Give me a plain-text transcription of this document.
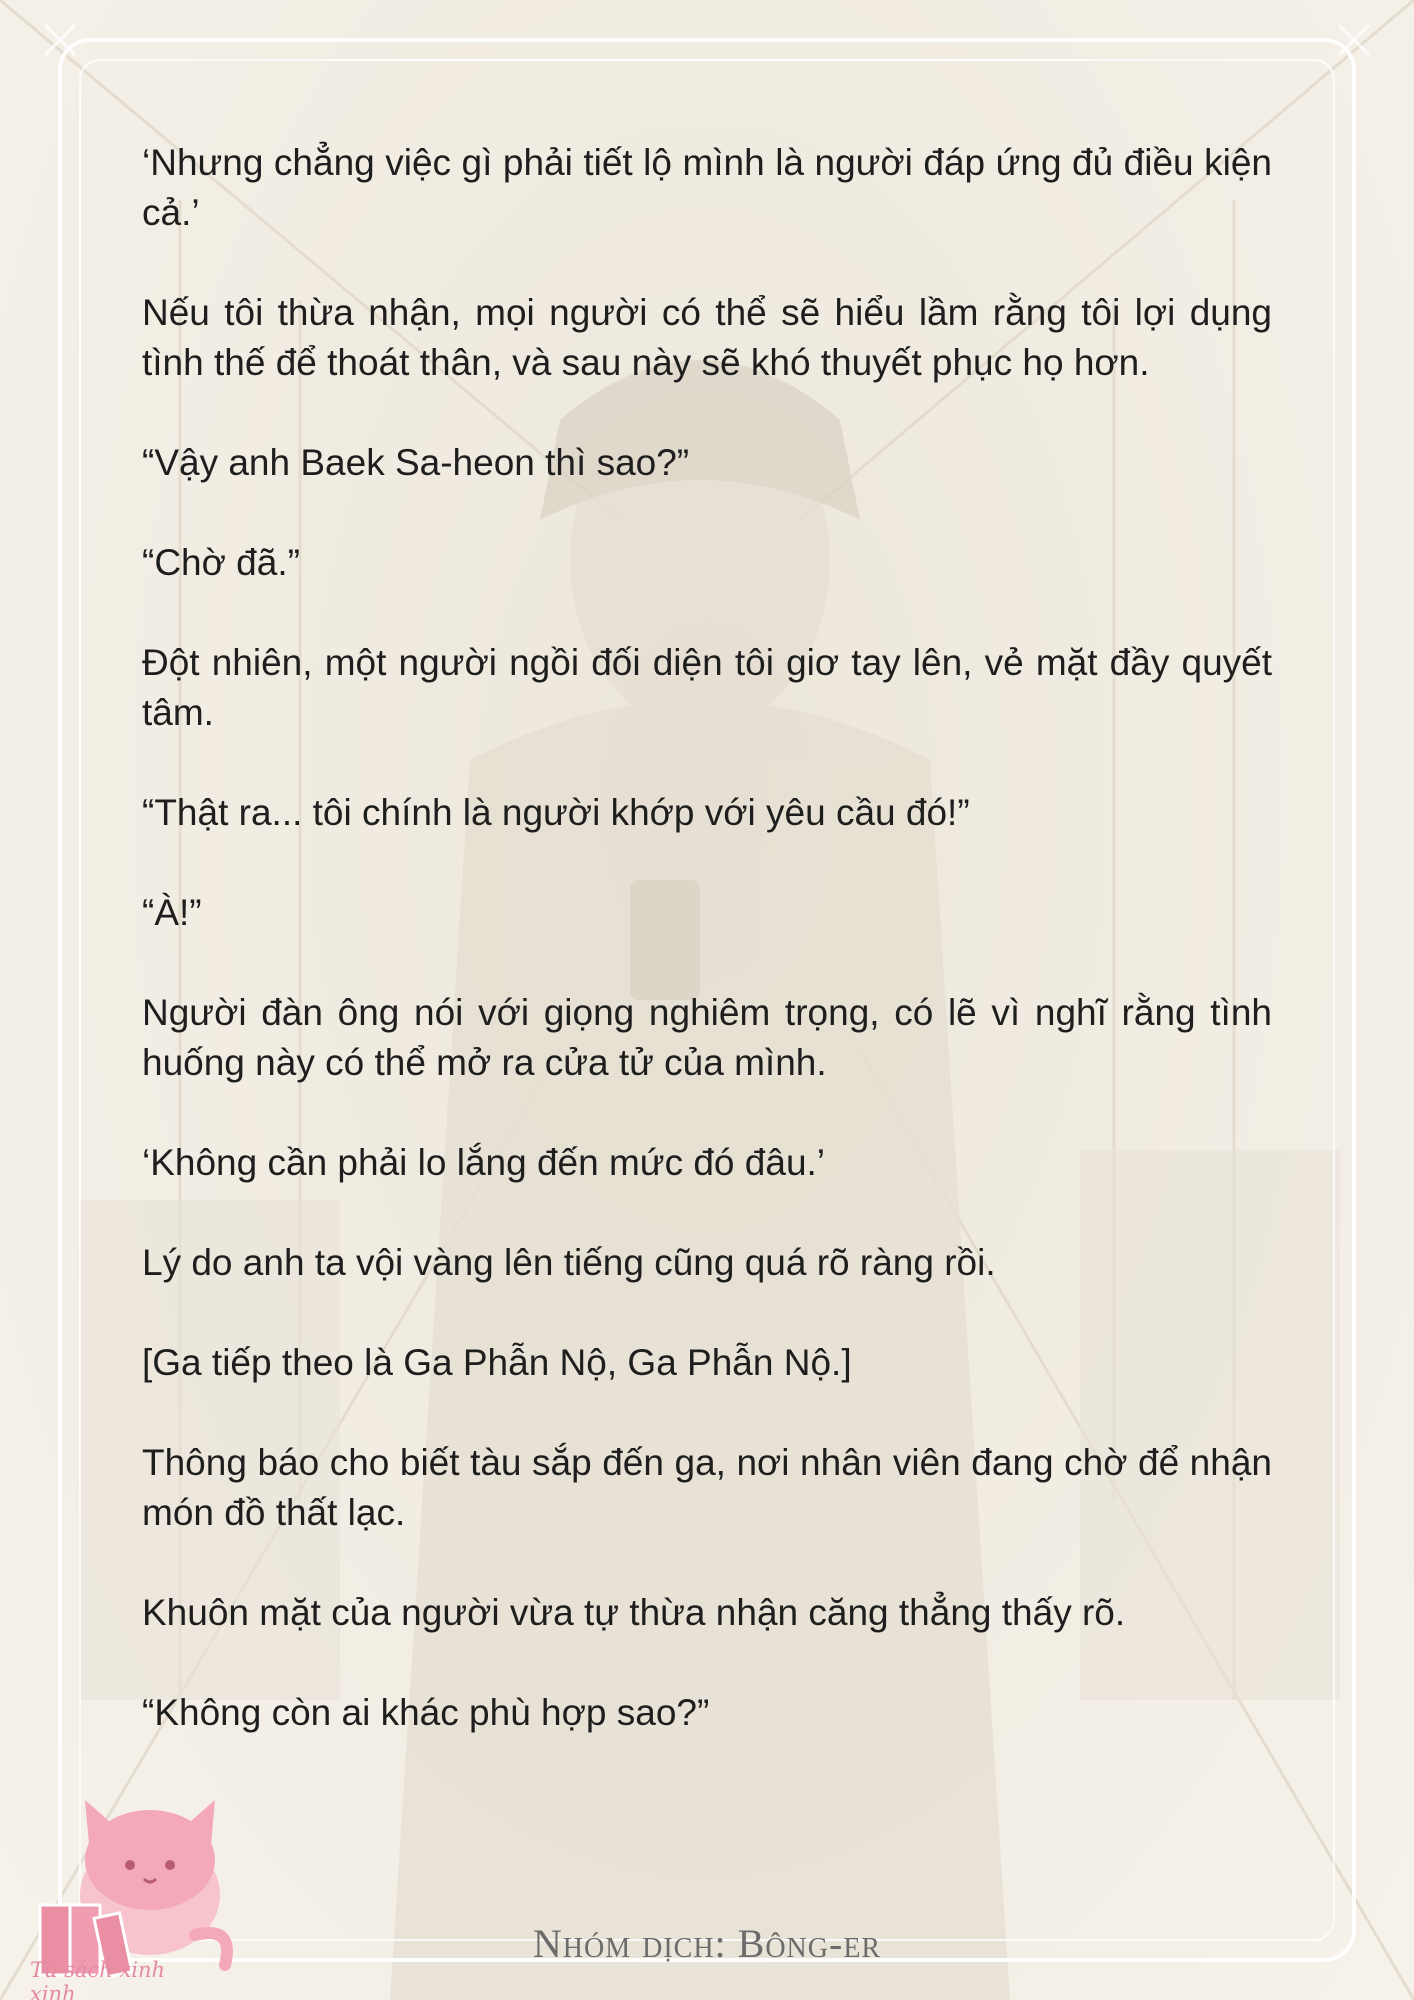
‘Nhưng chẳng việc gì phải tiết lộ mình là người đáp ứng đủ điều kiện cả.’

Nếu tôi thừa nhận, mọi người có thể sẽ hiểu lầm rằng tôi lợi dụng tình thế để thoát thân, và sau này sẽ khó thuyết phục họ hơn.

“Vậy anh Baek Sa-heon thì sao?”

“Chờ đã.”

Đột nhiên, một người ngồi đối diện tôi giơ tay lên, vẻ mặt đầy quyết tâm.

“Thật ra... tôi chính là người khớp với yêu cầu đó!”

“À!”

Người đàn ông nói với giọng nghiêm trọng, có lẽ vì nghĩ rằng tình huống này có thể mở ra cửa tử của mình.

‘Không cần phải lo lắng đến mức đó đâu.’

Lý do anh ta vội vàng lên tiếng cũng quá rõ ràng rồi.

[Ga tiếp theo là Ga Phẫn Nộ, Ga Phẫn Nộ.]

Thông báo cho biết tàu sắp đến ga, nơi nhân viên đang chờ để nhận món đồ thất lạc.

Khuôn mặt của người vừa tự thừa nhận căng thẳng thấy rõ.

“Không còn ai khác phù hợp sao?”

Tủ sách xinh xinh
Nhóm dịch: Bông-er
